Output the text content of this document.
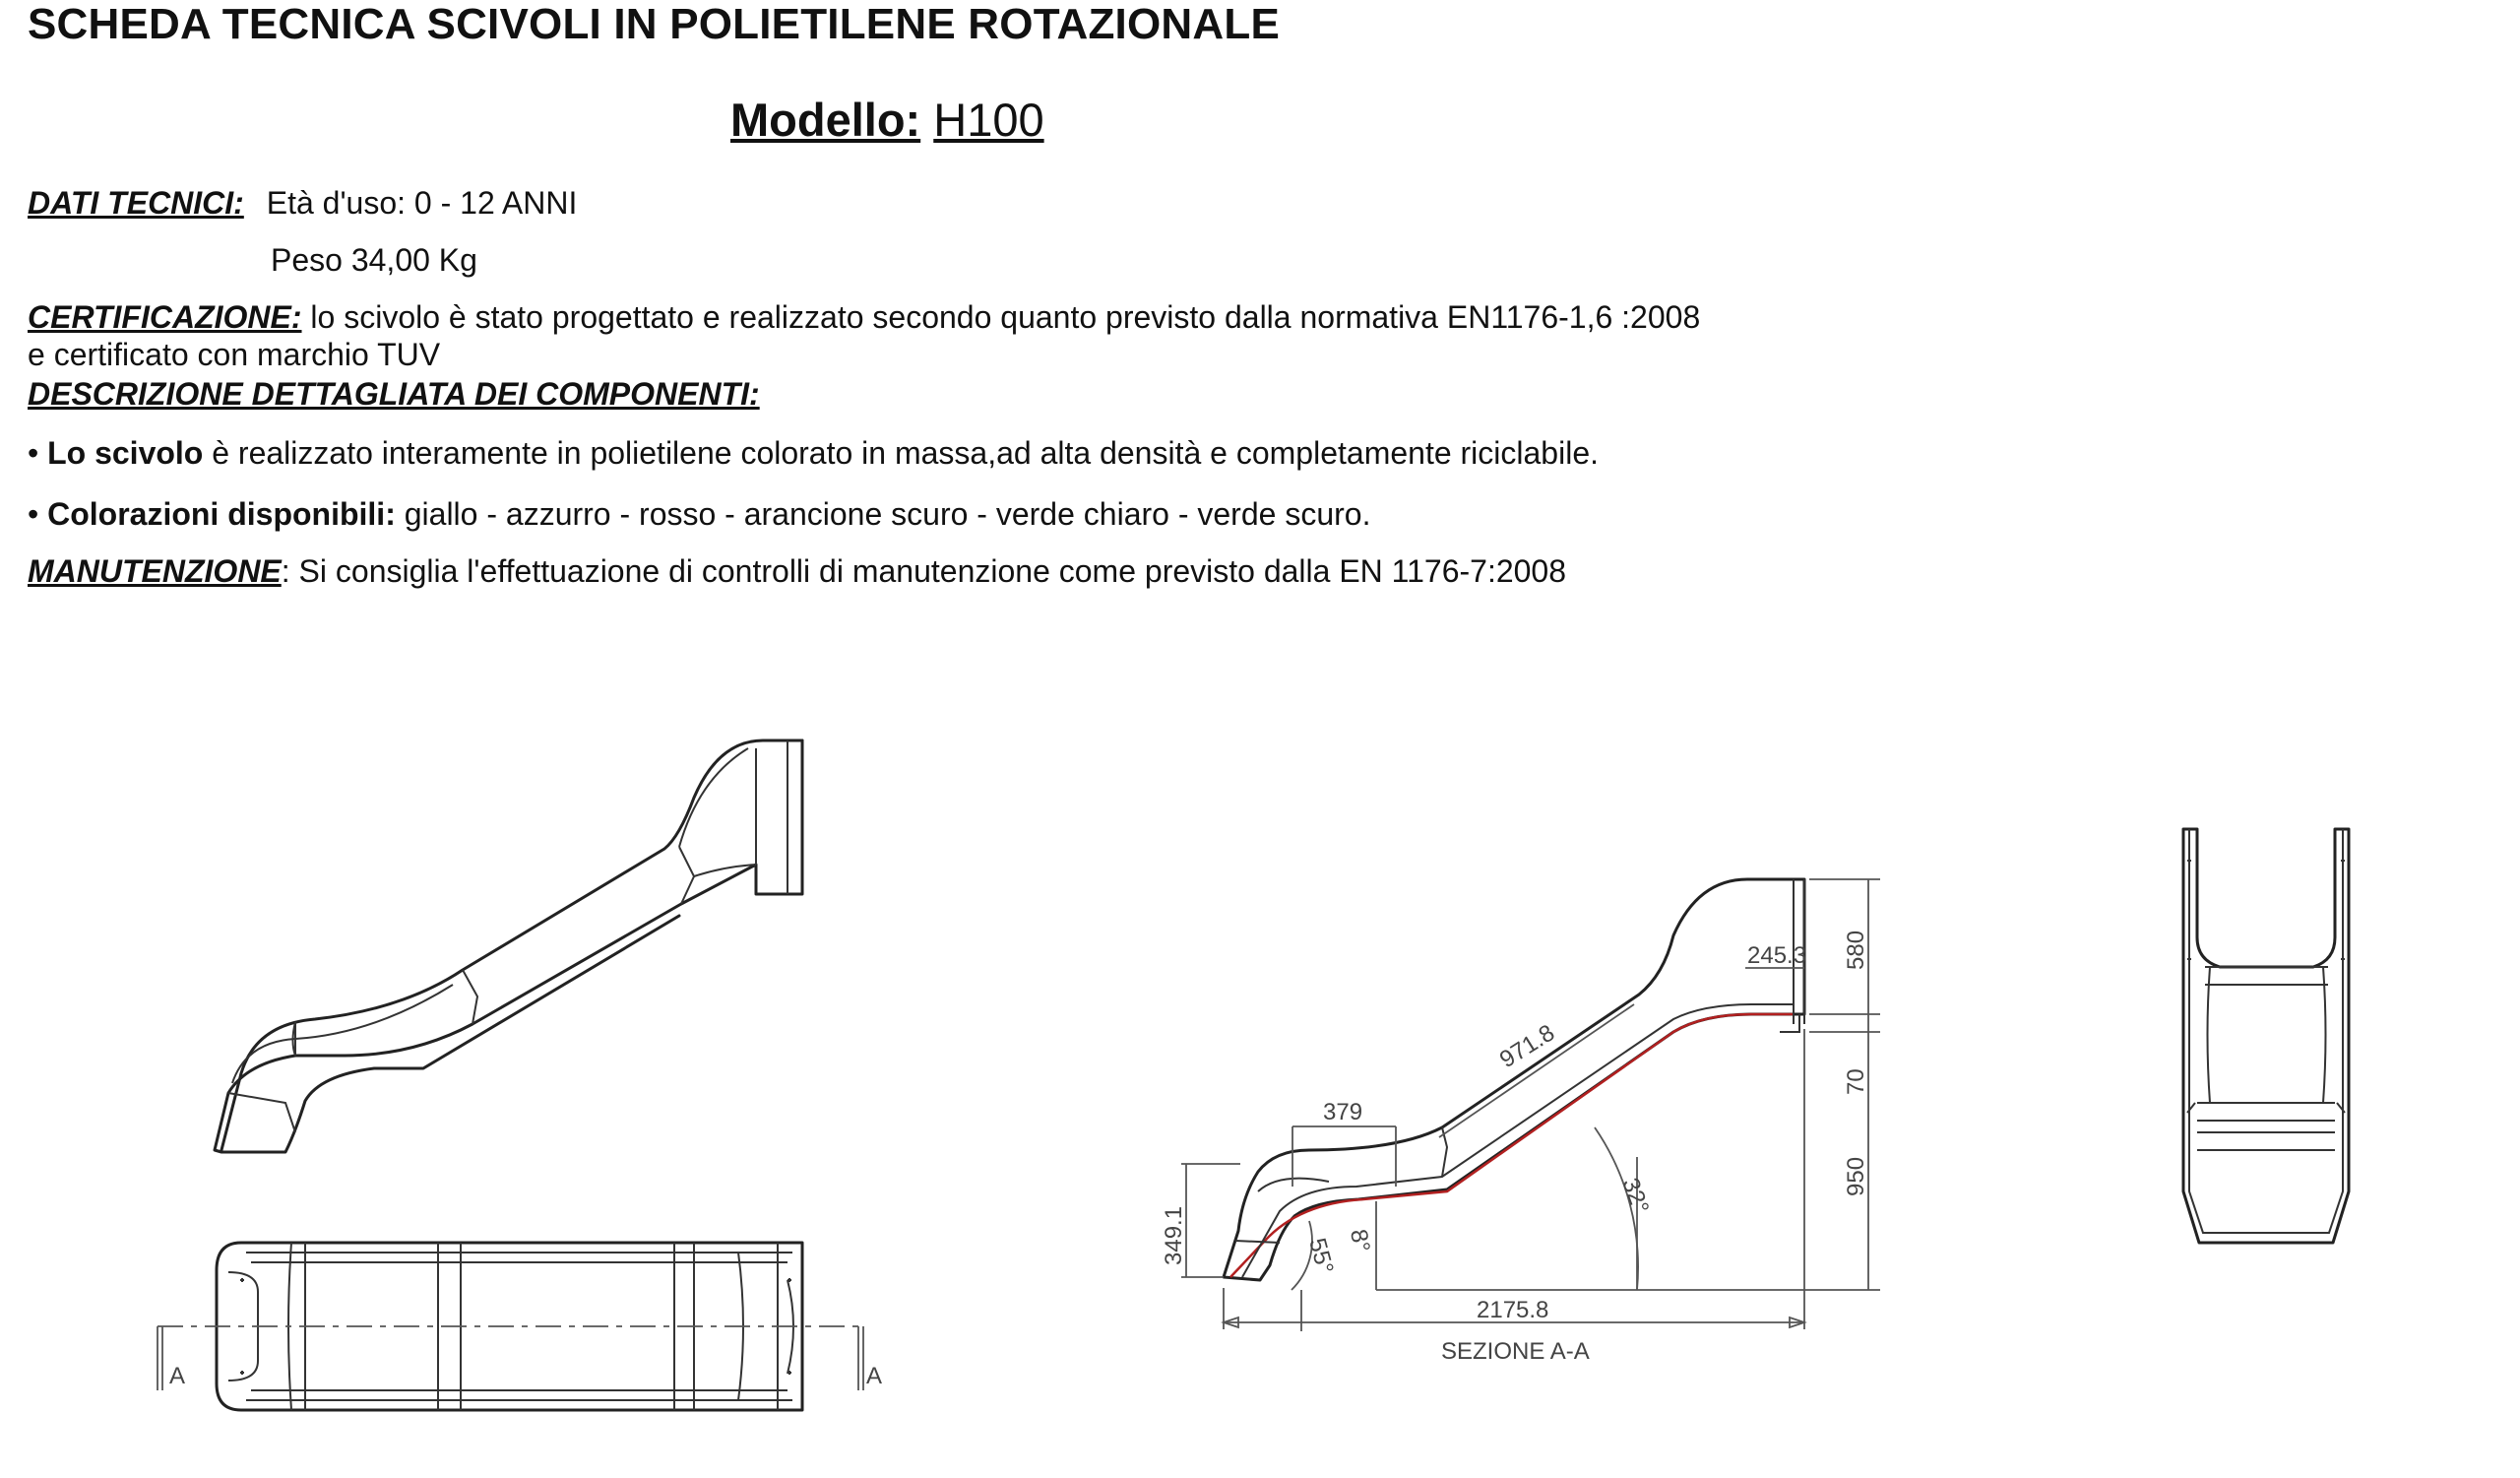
SCHEDA TECNICA SCIVOLI IN POLIETILENE ROTAZIONALE
Modello: H100
DATI TECNICI: Età d'uso: 0 - 12 ANNI
Peso 34,00 Kg
CERTIFICAZIONE: lo scivolo è stato progettato e realizzato secondo quanto previsto dalla normativa EN1176-1,6 :2008
e certificato con marchio TUV
DESCRIZIONE DETTAGLIATA DEI COMPONENTI:
• Lo scivolo è realizzato interamente in polietilene colorato in massa,ad alta densità e completamente riciclabile.
• Colorazioni disponibili: giallo - azzurro - rosso - arancione scuro - verde chiaro - verde scuro.
MANUTENZIONE: Si consiglia l'effettuazione di controlli di manutenzione come previsto dalla EN 1176-7:2008
A	A
2175.8
SEZIONE A-A
245.3
379
580
70
950
349.1
971.8
32°
55° 8°
